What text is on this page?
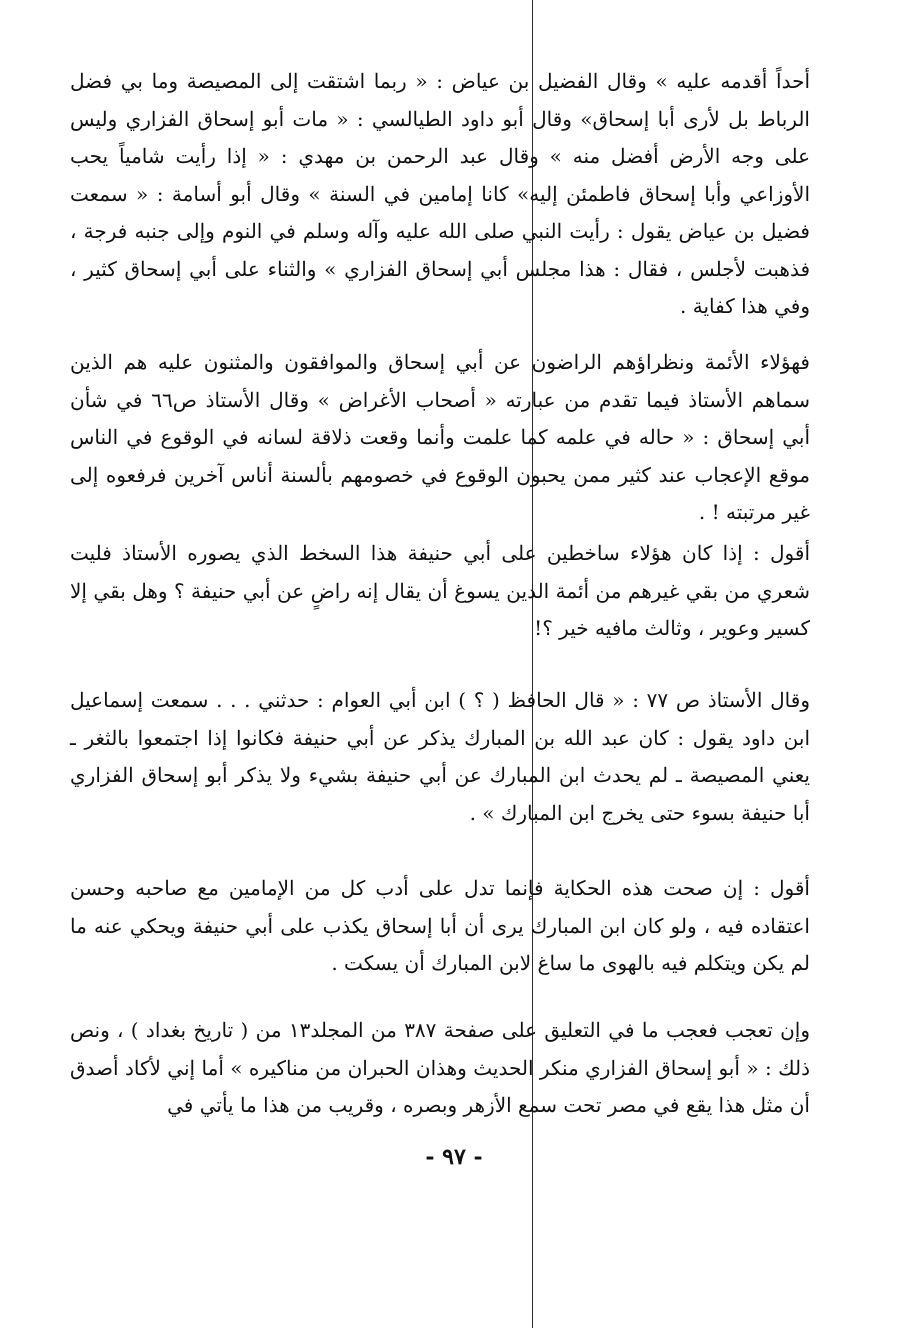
أحداً أقدمه عليه » وقال الفضيل بن عياض : « ربما اشتقت إلى المصيصة وما بي فضل الرباط بل لأرى أبا إسحاق» وقال أبو داود الطيالسي : « مات أبو إسحاق الفزاري وليس على وجه الأرض أفضل منه » وقال عبد الرحمن بن مهدي : « إذا رأيت شامياً يحب الأوزاعي وأبا إسحاق فاطمئن إليه» كانا إمامين في السنة » وقال أبو أسامة : « سمعت فضيل بن عياض يقول : رأيت النبي صلى الله عليه وآله وسلم في النوم وإلى جنبه فرجة ، فذهبت لأجلس ، فقال : هذا مجلس أبي إسحاق الفزاري » والثناء على أبي إسحاق كثير ، وفي هذا كفاية .

فهؤلاء الأئمة ونظراؤهم الراضون عن أبي إسحاق والموافقون والمثنون عليه هم الذين سماهم الأستاذ فيما تقدم من عبارته « أصحاب الأغراض » وقال الأستاذ ص٦٦ في شأن أبي إسحاق : « حاله في علمه كما علمت وأنما وقعت ذلاقة لسانه في الوقوع في الناس موقع الإعجاب عند كثير ممن يحبون الوقوع في خصومهم بألسنة أناس آخرين فرفعوه إلى غير مرتبته ! .

أقول : إذا كان هؤلاء ساخطين على أبي حنيفة هذا السخط الذي يصوره الأستاذ فليت شعري من بقي غيرهم من أئمة الدين يسوغ أن يقال إنه راضٍ عن أبي حنيفة ؟ وهل بقي إلا كسير وعوير ، وثالث مافيه خير ؟!

وقال الأستاذ ص ٧٧ : « قال الحافظ ( ؟ ) ابن أبي العوام : حدثني . . . سمعت إسماعيل ابن داود يقول : كان عبد الله بن المبارك يذكر عن أبي حنيفة فكانوا إذا اجتمعوا بالثغر ـ يعني المصيصة ـ لم يحدث ابن المبارك عن أبي حنيفة بشيء ولا يذكر أبو إسحاق الفزاري أبا حنيفة بسوء حتى يخرج ابن المبارك » .

أقول : إن صحت هذه الحكاية فإنما تدل على أدب كل من الإمامين مع صاحبه وحسن اعتقاده فيه ، ولو كان ابن المبارك يرى أن أبا إسحاق يكذب على أبي حنيفة ويحكي عنه ما لم يكن ويتكلم فيه بالهوى ما ساغ لابن المبارك أن يسكت .

وإن تعجب فعجب ما في التعليق على صفحة ٣٨٧ من المجلد١٣ من ( تاريخ بغداد ) ، ونص ذلك : « أبو إسحاق الفزاري منكر الحديث وهذان الحبران من مناكيره » أما إني لأكاد أصدق أن مثل هذا يقع في مصر تحت سمع الأزهر وبصره ، وقريب من هذا ما يأتي في

- ٩٧ -
